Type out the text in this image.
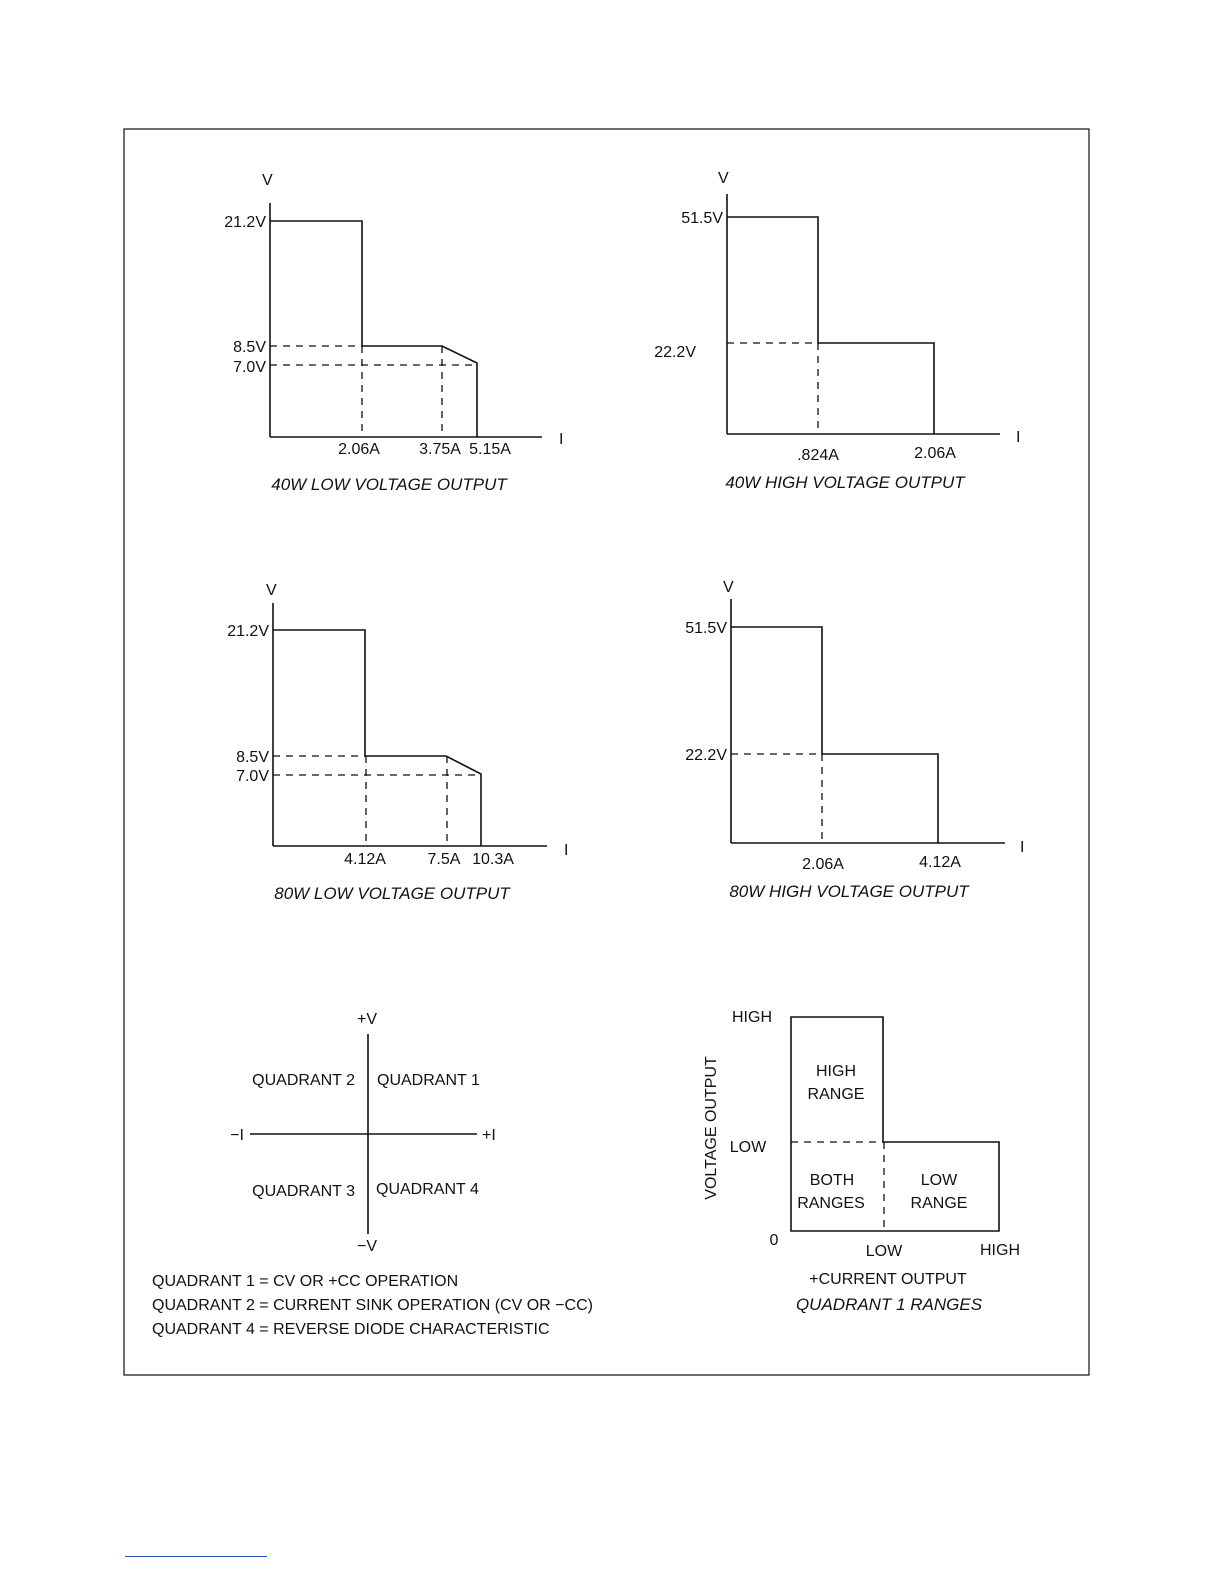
V
I
21.2V
8.5V
7.0V
2.06A 3.75A 5.15A
40W LOW VOLTAGE OUTPUT
V
I
51.5V
22.2V
.824A	2.06A
40W HIGH VOLTAGE OUTPUT
V
I
21.2V
8.5V
7.0V
4.12A	7.5A 10.3A
80W LOW VOLTAGE OUTPUT
V
I
51.5V
22.2V
2.06A	4.12A
80W HIGH VOLTAGE OUTPUT
+V
−V
−I	+I
QUADRANT 2 QUADRANT 1
QUADRANT 3 QUADRANT 4
QUADRANT 1 = CV OR +CC OPERATION
QUADRANT 2 = CURRENT SINK OPERATION (CV OR −CC)
QUADRANT 4 = REVERSE DIODE CHARACTERISTIC
VOLTAGE OUTPUT
HIGH
LOW
0
HIGH
RANGE
BOTH
RANGES
LOW
RANGE
LOW	HIGH
+CURRENT OUTPUT
QUADRANT 1 RANGES
